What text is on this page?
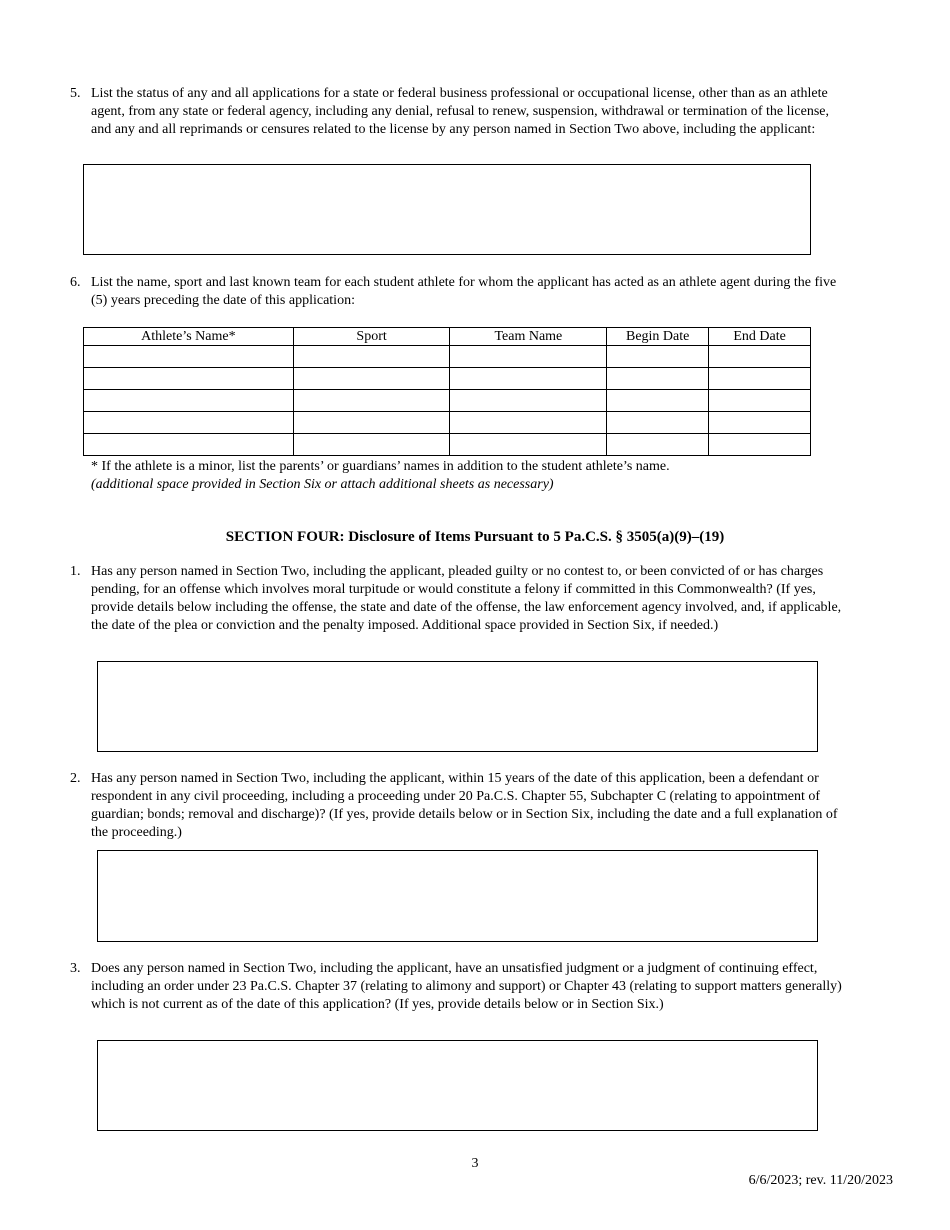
5. List the status of any and all applications for a state or federal business professional or occupational license, other than as an athlete agent, from any state or federal agency, including any denial, refusal to renew, suspension, withdrawal or termination of the license, and any and all reprimands or censures related to the license by any person named in Section Two above, including the applicant:
6. List the name, sport and last known team for each student athlete for whom the applicant has acted as an athlete agent during the five (5) years preceding the date of this application:
Athlete’s Name*	Sport	Team Name	Begin Date	End Date

* If the athlete is a minor, list the parents’ or guardians’ names in addition to the student athlete’s name.
(additional space provided in Section Six or attach additional sheets as necessary)
SECTION FOUR: Disclosure of Items Pursuant to 5 Pa.C.S. § 3505(a)(9)–(19)
1. Has any person named in Section Two, including the applicant, pleaded guilty or no contest to, or been convicted of or has charges pending, for an offense which involves moral turpitude or would constitute a felony if committed in this Commonwealth? (If yes, provide details below including the offense, the state and date of the offense, the law enforcement agency involved, and, if applicable, the date of the plea or conviction and the penalty imposed. Additional space provided in Section Six, if needed.)
2. Has any person named in Section Two, including the applicant, within 15 years of the date of this application, been a defendant or respondent in any civil proceeding, including a proceeding under 20 Pa.C.S. Chapter 55, Subchapter C (relating to appointment of guardian; bonds; removal and discharge)? (If yes, provide details below or in Section Six, including the date and a full explanation of the proceeding.)
3. Does any person named in Section Two, including the applicant, have an unsatisfied judgment or a judgment of continuing effect, including an order under 23 Pa.C.S. Chapter 37 (relating to alimony and support) or Chapter 43 (relating to support matters generally) which is not current as of the date of this application? (If yes, provide details below or in Section Six.)
3
6/6/2023; rev. 11/20/2023
